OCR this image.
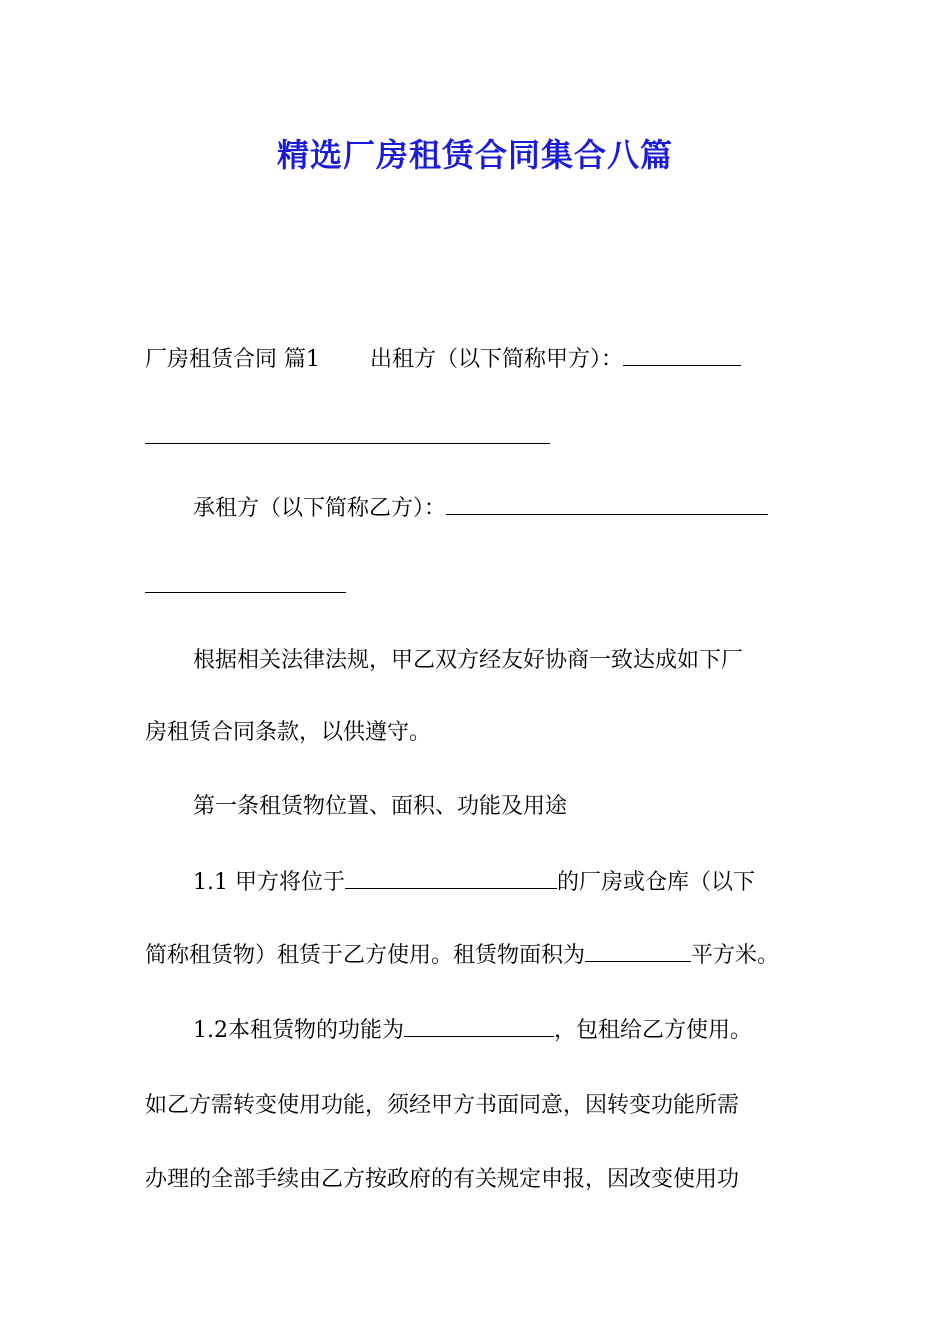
精选厂房租赁合同集合八篇
厂房租赁合同 篇1 出租方（以下简称甲方）：
承租方（以下简称乙方）：
根据相关法律法规，甲乙双方经友好协商一致达成如下厂
房租赁合同条款，以供遵守。
第一条租赁物位置、面积、功能及用途
1.1 甲方将位于	的厂房或仓库（以下
简称租赁物）租赁于乙方使用。租赁物面积为	平方米。
1.2本租赁物的功能为	，包租给乙方使用。
如乙方需转变使用功能，须经甲方书面同意，因转变功能所需
办理的全部手续由乙方按政府的有关规定申报，因改变使用功
